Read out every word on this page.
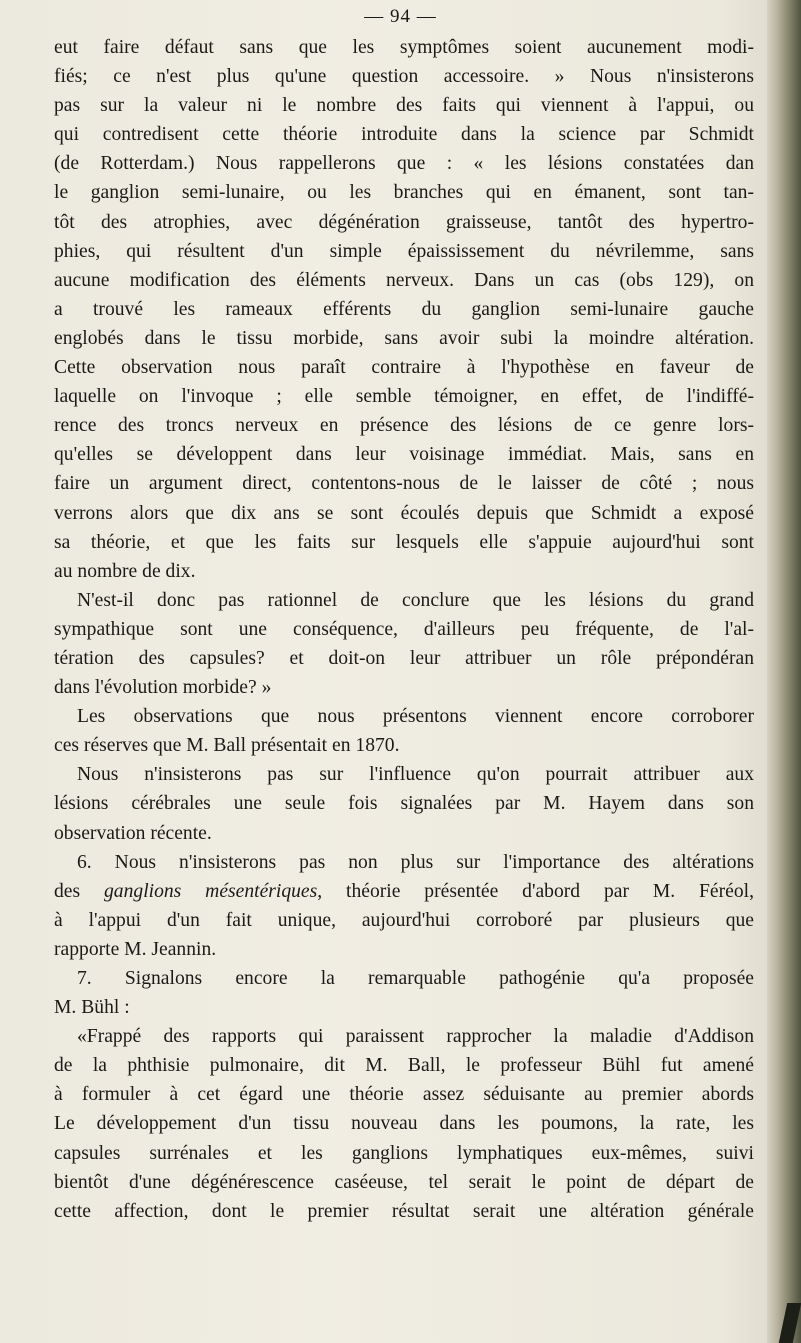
— 94 —
eut faire défaut sans que les symptômes soient aucunement modi-
fiés; ce n'est plus qu'une question accessoire. » Nous n'insisterons
pas sur la valeur ni le nombre des faits qui viennent à l'appui, ou
qui contredisent cette théorie introduite dans la science par Schmidt
(de Rotterdam.) Nous rappellerons que : « les lésions constatées dan
le ganglion semi-lunaire, ou les branches qui en émanent, sont tan-
tôt des atrophies, avec dégénération graisseuse, tantôt des hypertro-
phies, qui résultent d'un simple épaississement du névrilemme, sans
aucune modification des éléments nerveux. Dans un cas (obs 129), on
a trouvé les rameaux efférents du ganglion semi-lunaire gauche
englobés dans le tissu morbide, sans avoir subi la moindre altération.
Cette observation nous paraît contraire à l'hypothèse en faveur de
laquelle on l'invoque ; elle semble témoigner, en effet, de l'indiffé-
rence des troncs nerveux en présence des lésions de ce genre lors-
qu'elles se développent dans leur voisinage immédiat. Mais, sans en
faire un argument direct, contentons-nous de le laisser de côté ; nous
verrons alors que dix ans se sont écoulés depuis que Schmidt a exposé
sa théorie, et que les faits sur lesquels elle s'appuie aujourd'hui sont
au nombre de dix.
N'est-il donc pas rationnel de conclure que les lésions du grand
sympathique sont une conséquence, d'ailleurs peu fréquente, de l'al-
tération des capsules? et doit-on leur attribuer un rôle prépondéran
dans l'évolution morbide? »
Les observations que nous présentons viennent encore corroborer
ces réserves que M. Ball présentait en 1870.
Nous n'insisterons pas sur l'influence qu'on pourrait attribuer aux
lésions cérébrales une seule fois signalées par M. Hayem dans son
observation récente.
6. Nous n'insisterons pas non plus sur l'importance des altérations
des ganglions mésentériques, théorie présentée d'abord par M. Féréol,
à l'appui d'un fait unique, aujourd'hui corroboré par plusieurs que
rapporte M. Jeannin.
7. Signalons encore la remarquable pathogénie qu'a proposée
M. Bühl :
«Frappé des rapports qui paraissent rapprocher la maladie d'Addison
de la phthisie pulmonaire, dit M. Ball, le professeur Bühl fut amené
à formuler à cet égard une théorie assez séduisante au premier abords
Le développement d'un tissu nouveau dans les poumons, la rate, les
capsules surrénales et les ganglions lymphatiques eux-mêmes, suivi
bientôt d'une dégénérescence caséeuse, tel serait le point de départ de
cette affection, dont le premier résultat serait une altération générale
